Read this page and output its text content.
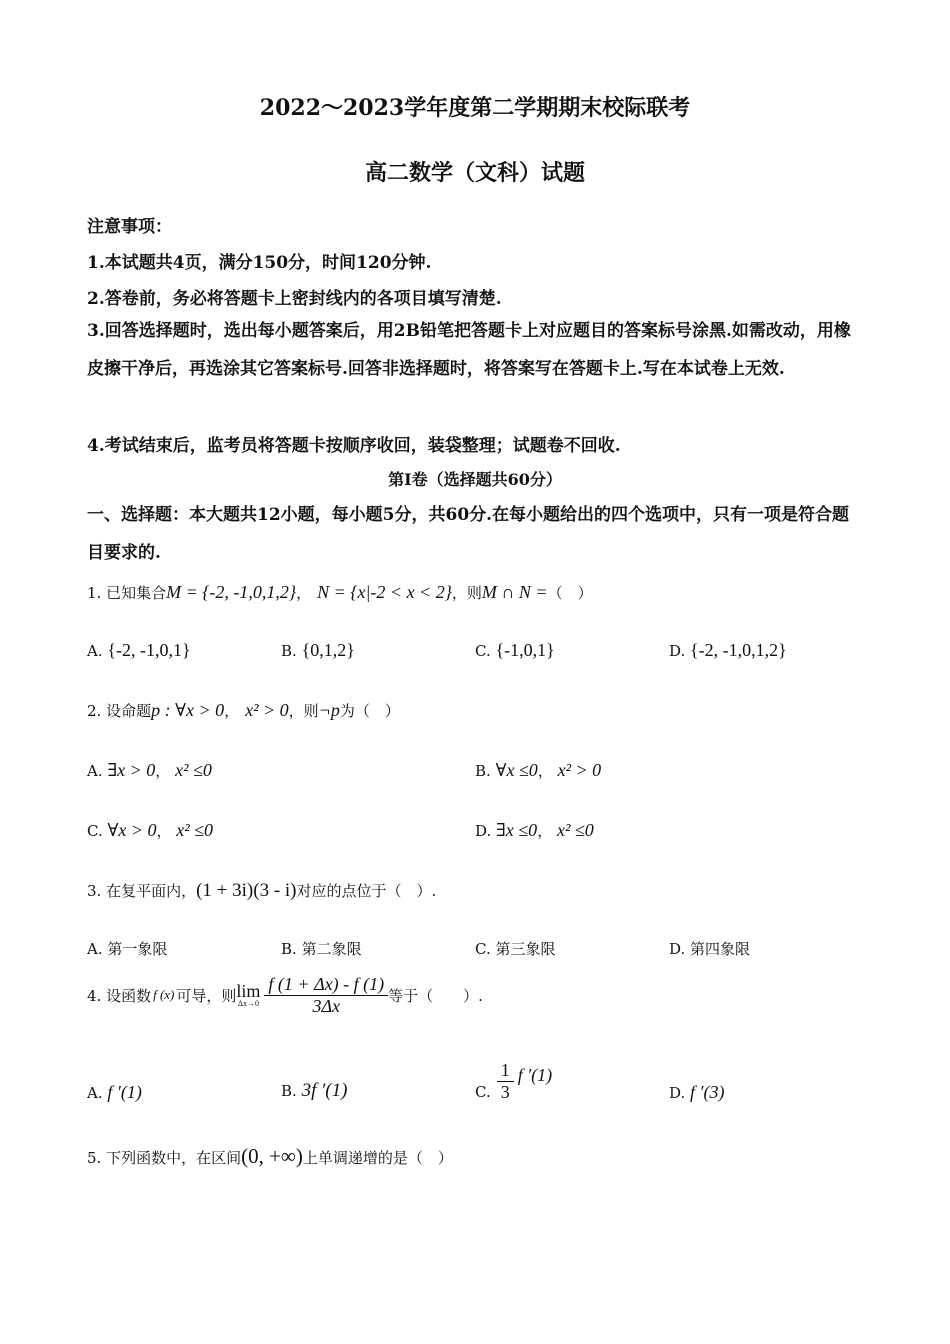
2022～2023学年度第二学期期末校际联考
高二数学（文科）试题
注意事项：
1.本试题共4页，满分150分，时间120分钟.
2.答卷前，务必将答题卡上密封线内的各项目填写清楚.
3.回答选择题时，选出每小题答案后，用2B铅笔把答题卡上对应题目的答案标号涂黑.如需改动，用橡皮擦干净后，再选涂其它答案标号.回答非选择题时，将答案写在答题卡上.写在本试卷上无效.
4.考试结束后，监考员将答题卡按顺序收回，装袋整理；试题卷不回收.
第Ⅰ卷（选择题共60分）
一、选择题：本大题共12小题，每小题5分，共60分.在每小题给出的四个选项中，只有一项是符合题目要求的.
1. 已知集合M = {-2, -1,0,1,2}， N = {x|-2 < x < 2}，则M ∩ N =（　）
A. {-2, -1,0,1}	B. {0,1,2}	C. {-1,0,1}	D. {-2, -1,0,1,2}
2. 设命题p : ∀x > 0， x² > 0，则¬p为（　）
A. ∃x > 0， x² ≤0	B. ∀x ≤0， x² > 0
C. ∀x > 0， x² ≤0	D. ∃x ≤0， x² ≤0
3. 在复平面内，(1 + 3i)(3 - i)对应的点位于（　）.
A. 第一象限	B. 第二象限	C. 第三象限	D. 第四象限
4. 设函数 f (x) 可导，则 lim
$\Delta x\to 0 \frac{f (1 + \Delta x) - f (1)}{3\Delta x}$ 等于（　　）.
A. f ′(1)	B. 3f ′(1)	C. $\frac{1}{3}$ f ′(1)
D. f ′(3)
5. 下列函数中，在区间(0, +∞)上单调递增的是（　）
